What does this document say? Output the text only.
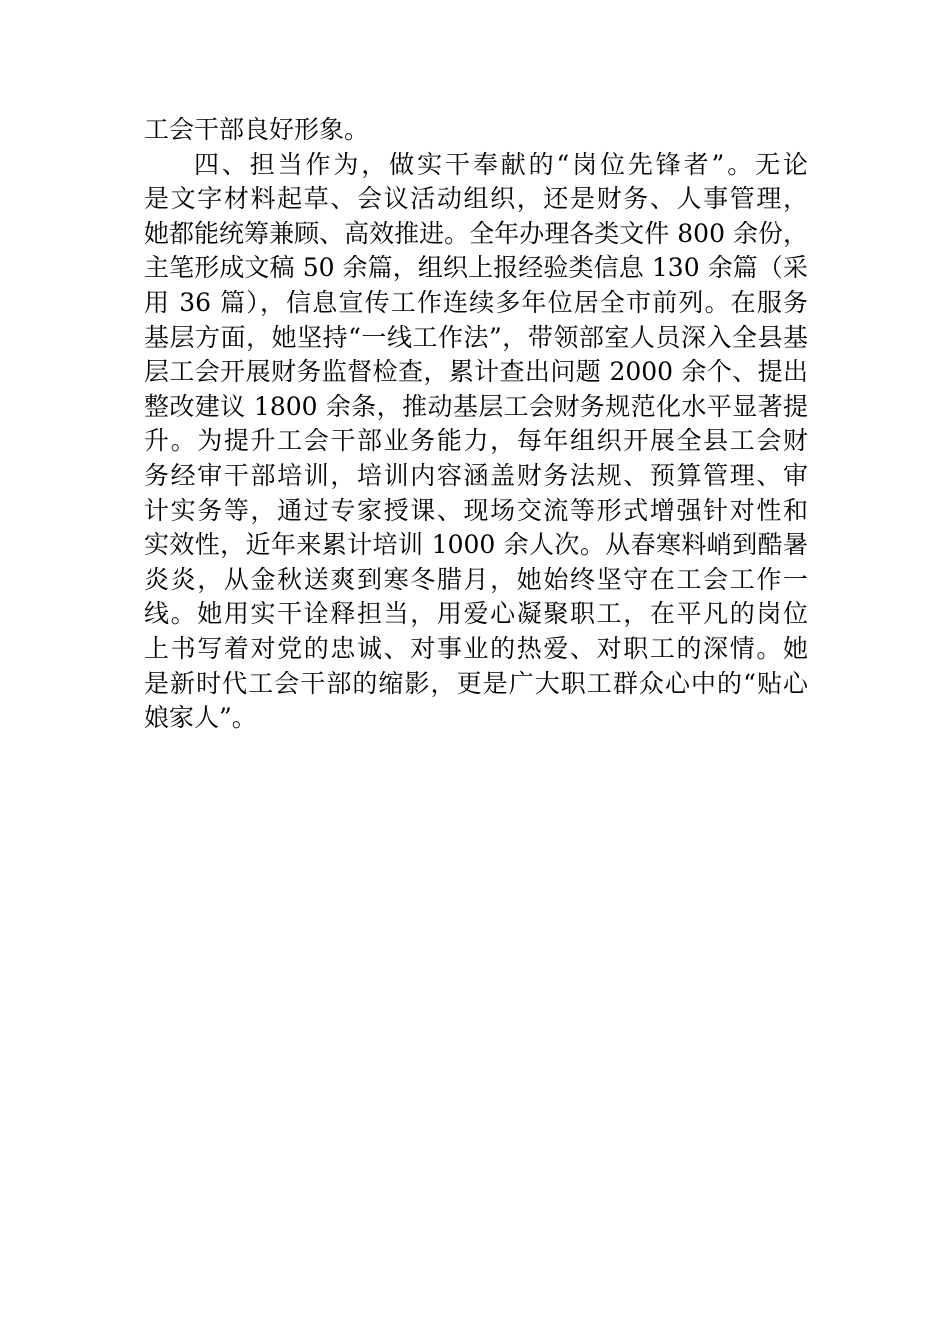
工会干部良好形象。
四、担当作为，做实干奉献的“岗位先锋者”。无论
是文字材料起草、会议活动组织，还是财务、人事管理，
她都能统筹兼顾、高效推进。全年办理各类文件 800 余份，
主笔形成文稿 50 余篇，组织上报经验类信息 130 余篇（采
用 36 篇），信息宣传工作连续多年位居全市前列。在服务
基层方面，她坚持“一线工作法”，带领部室人员深入全县基
层工会开展财务监督检查，累计查出问题 2000 余个、提出
整改建议 1800 余条，推动基层工会财务规范化水平显著提
升。为提升工会干部业务能力，每年组织开展全县工会财
务经审干部培训，培训内容涵盖财务法规、预算管理、审
计实务等，通过专家授课、现场交流等形式增强针对性和
实效性，近年来累计培训 1000 余人次。从春寒料峭到酷暑
炎炎，从金秋送爽到寒冬腊月，她始终坚守在工会工作一
线。她用实干诠释担当，用爱心凝聚职工，在平凡的岗位
上书写着对党的忠诚、对事业的热爱、对职工的深情。她
是新时代工会干部的缩影，更是广大职工群众心中的“贴心
娘家人”。
